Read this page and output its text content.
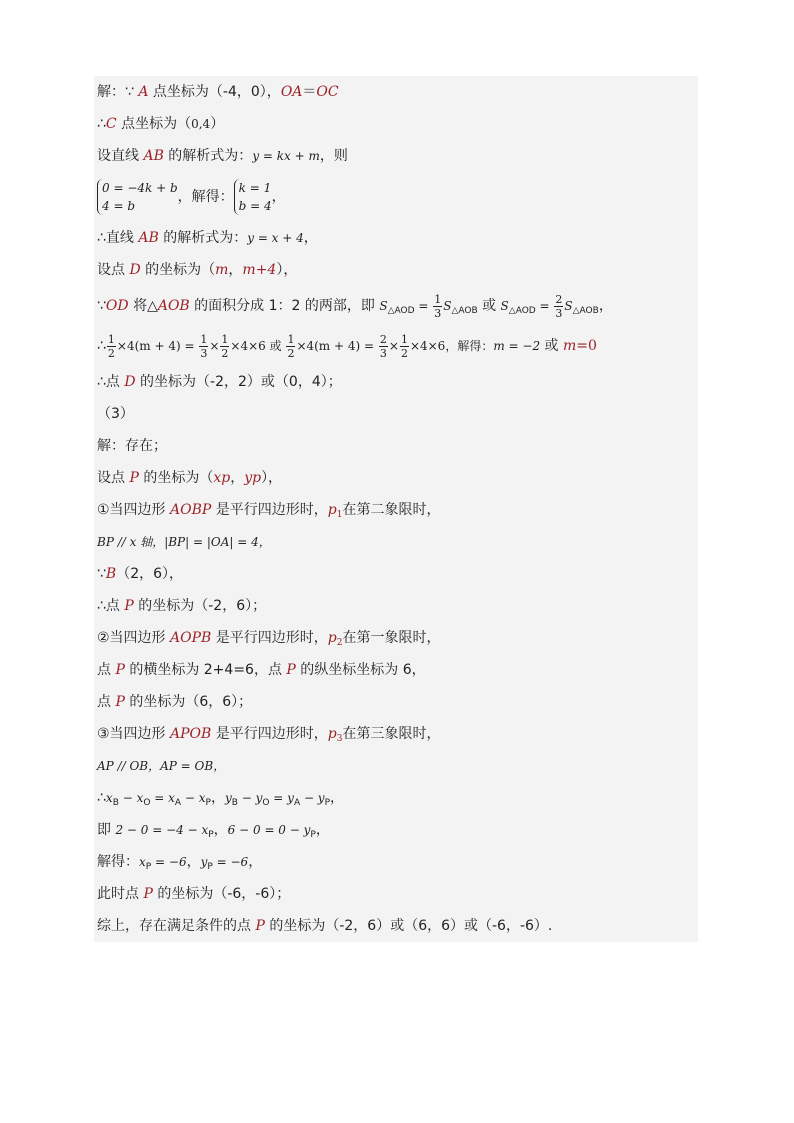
解：∵ A 点坐标为（-4，0），OA＝OC
∴C 点坐标为（0,4）
设直线 AB 的解析式为：y = kx + m，则
0 = −4k + b
4 = b
，解得：
k = 1
b = 4
，
∴直线 AB 的解析式为：y = x + 4，
设点 D 的坐标为（m，m+4），
∵OD 将△AOB 的面积分成 1：2 的两部，即 $S_{\triangle AOD} = \frac{1}{3} S_{\triangle AOB}$ 或 $S_{\triangle AOD} = \frac{2}{3} S_{\triangle AOB}$，
∴ $\frac{1}{2} \times 4(m + 4) = \frac{1}{3} \times \frac{1}{2} \times 4\times 6$ 或 $\frac{1}{2} \times 4(m + 4) = \frac{2}{3} \times \frac{1}{2} \times 4\times 6$，解得：m = −2 或 m=0
∴点 D 的坐标为（-2，2）或（0，4）；
（3）
解：存在；
设点 P 的坐标为（xp，yp），
①当四边形 AOBP 是平行四边形时，$p_1$在第二象限时，
BP // x 轴，|BP| = |OA| = 4，
∵B（2，6），
∴点 P 的坐标为（-2，6）；
②当四边形 AOPB 是平行四边形时，$p_2$在第一象限时，
点 P 的横坐标为 2+4=6，点 P 的纵坐标坐标为 6，
点 P 的坐标为（6，6）；
③当四边形 APOB 是平行四边形时，$p_3$在第三象限时，
AP // OB，AP = OB，
$\therefore x_B - x_O = x_A - x_P$，$y_B - y_O = y_A - y_P$，
即 $2 - 0 = -4 - x_P$，$6 - 0 = 0 - y_P$，
解得：$x_P = -6$，$y_P = -6$，
此时点 P 的坐标为（-6，-6）；
综上，存在满足条件的点 P 的坐标为（-2，6）或（6，6）或（-6，-6）.
